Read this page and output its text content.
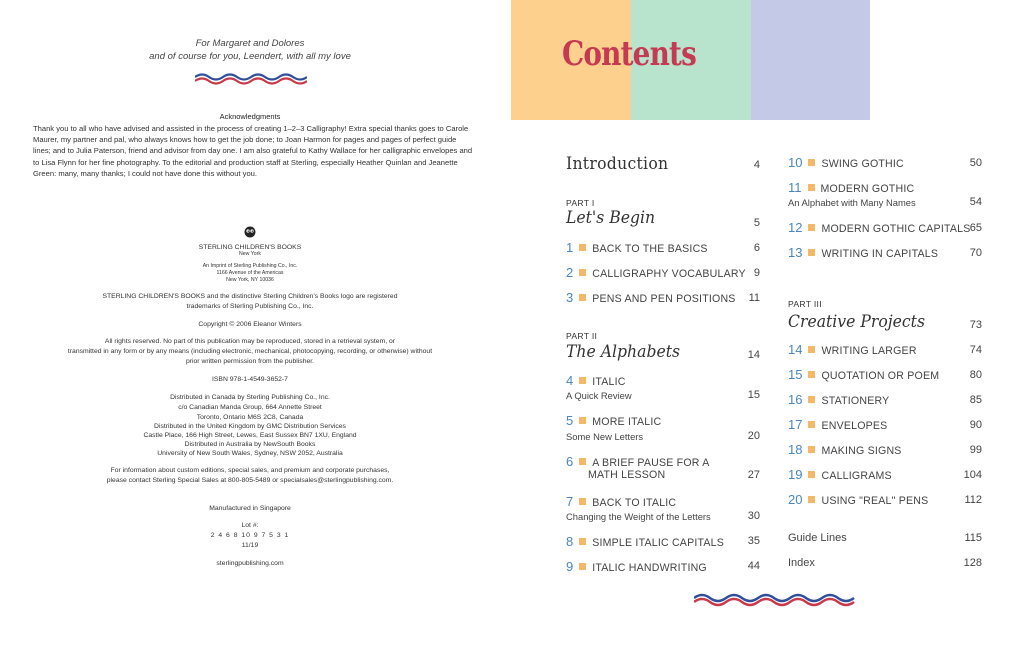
For Margaret and Dolores
and of course for you, Leendert, with all my love
Acknowledgments
Thank you to all who have advised and assisted in the process of creating 1–2–3 Calligraphy! Extra special thanks goes to Carole Maurer, my partner and pal, who always knows how to get the job done; to Joan Harmon for pages and pages of perfect guide lines; and to Julia Paterson, friend and advisor from day one. I am also grateful to Kathy Wallace for her calligraphic envelopes and to Lisa Flynn for her fine photography. To the editorial and production staff at Sterling, especially Heather Quinlan and Jeanette Green: many, many thanks; I could not have done this without you.
STERLING CHILDREN'S BOOKS
New York
An Imprint of Sterling Publishing Co., Inc.
1166 Avenue of the Americas
New York, NY 10036
STERLING CHILDREN'S BOOKS and the distinctive Sterling Children's Books logo are registered
trademarks of Sterling Publishing Co., Inc.
Copyright © 2006 Eleanor Winters
All rights reserved. No part of this publication may be reproduced, stored in a retrieval system, or
transmitted in any form or by any means (including electronic, mechanical, photocopying, recording, or otherwise) without
prior written permission from the publisher.
ISBN 978-1-4549-3652-7
Distributed in Canada by Sterling Publishing Co., Inc.
c/o Canadian Manda Group, 664 Annette Street
Toronto, Ontario M6S 2C8, Canada
Distributed in the United Kingdom by GMC Distribution Services
Castle Place, 166 High Street, Lewes, East Sussex BN7 1XU, England
Distributed in Australia by NewSouth Books
University of New South Wales, Sydney, NSW 2052, Australia
For information about custom editions, special sales, and premium and corporate purchases,
please contact Sterling Special Sales at 800-805-5489 or specialsales@sterlingpublishing.com.
Manufactured in Singapore
Lot #:
2 4 6 8 10 9 7 5 3 1
11/19
sterlingpublishing.com
Contents
Introduction	4
PART I
Let's Begin	5
PART II
The Alphabets	14
PART III
Creative Projects	73
1 BACK TO THE BASICS	6
2 CALLIGRAPHY VOCABULARY 9
3 PENS AND PEN POSITIONS	11
4 ITALIC
A Quick Review	15
5 MORE ITALIC
Some New Letters	20
6 A BRIEF PAUSE FOR A
MATH LESSON	27
7 BACK TO ITALIC
Changing the Weight of the Letters	30
8 SIMPLE ITALIC CAPITALS	35
9 ITALIC HANDWRITING	44
10 SWING GOTHIC	50
11 MODERN GOTHIC
An Alphabet with Many Names	54
12 MODERN GOTHIC CAPITALS 65
13 WRITING IN CAPITALS	70
14 WRITING LARGER	74
15 QUOTATION OR POEM	80
16 STATIONERY	85
17 ENVELOPES	90
18 MAKING SIGNS	99
19 CALLIGRAMS	104
20 USING "REAL" PENS	112
Guide Lines	115
Index	128
